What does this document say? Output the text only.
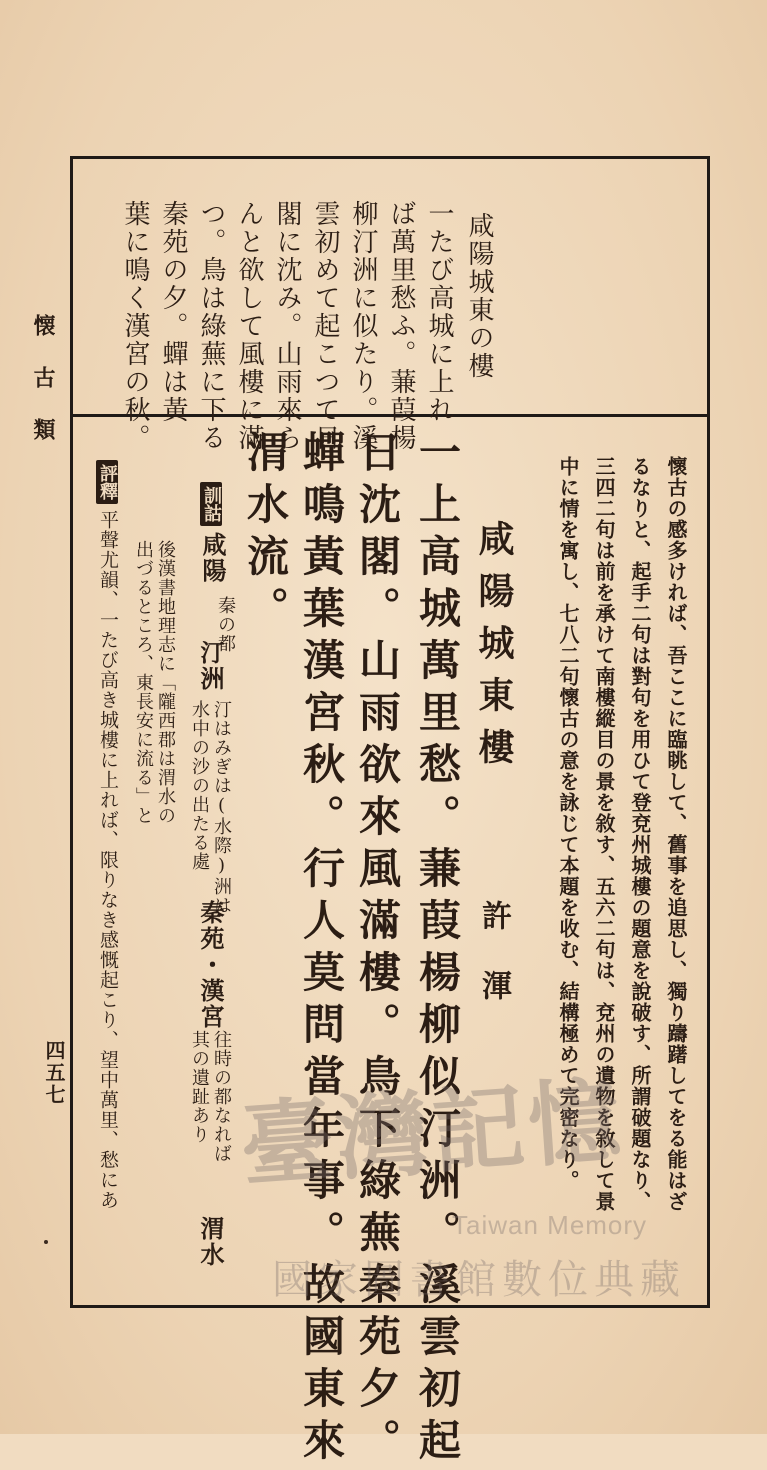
懐古類
四五七
咸陽城東の樓
一たび高城に上れ
ば萬里愁ふ。蒹葭楊
柳汀洲に似たり。溪
雲初めて起こつて日
閣に沈み。山雨來ら
んと欲して風樓に滿
つ。鳥は綠蕪に下る
秦苑の夕。蟬は黃
葉に鳴く漢宮の秋。
懷古の感多ければ、吾ここに臨眺して、舊事を追思し、獨り躊躇してをる能はざ
るなりと、起手二句は對句を用ひて登兗州城樓の題意を說破す、所謂破題なり、
三四二句は前を承けて南樓縱目の景を敘す、五六二句は、兗州の遺物を敘して景
中に情を寓し、七八二句懷古の意を詠じて本題を收む、結構極めて完密なり。
咸陽城東樓
許渾
一上高城萬里愁。蒹葭楊柳似汀洲。溪雲初起
日沈閣。山雨欲來風滿樓。鳥下綠蕪秦苑夕。
蟬鳴黃葉漢宮秋。行人莫問當年事。故國東來
渭水流。
訓詁
咸陽
秦の都
汀洲
汀はみぎは(水際)洲は
水中の沙の出たる處
秦苑・漢宮
往時の都なれば
其の遺趾あり
渭水
後漢書地理志に「隴西郡は渭水の
出づるところ、東長安に流る」と
評釋
平聲尤韻、一たび高き城樓に上れば、限りなき感慨起こり、望中萬里、愁にあ 臺灣記憶
Taiwan Memory
國家圖書館數位典藏
